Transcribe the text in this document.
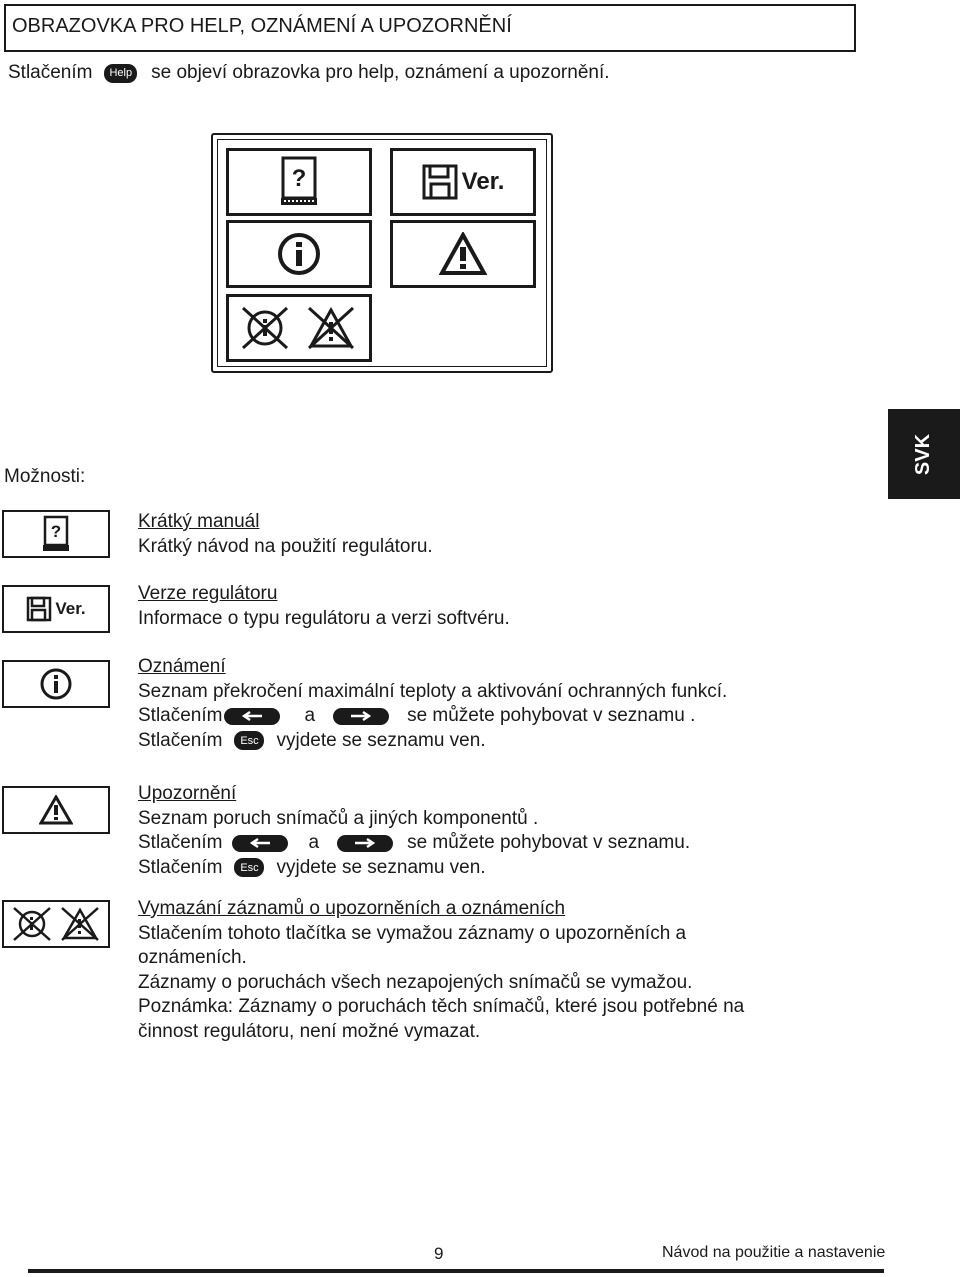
OBRAZOVKA PRO HELP, OZNÁMENÍ A UPOZORNĚNÍ
Stlačením	Help se objeví obrazovka pro help, oznámení a upozornění.
?	Ver.
SVK
Možnosti:
?
Ver.
Krátký manuál
Krátký návod na použití regulátoru.
Verze regulátoru
Informace o typu regulátoru a verzi softvéru.
Oznámení
Seznam překročení maximální teploty a aktivování ochranných funkcí.
Stlačením	a	se můžete pohybovat v seznamu .
Stlačením	Esc vyjdete se seznamu ven.
Upozornění
Seznam poruch snímačů a jiných komponentů .
Stlačením	a	se můžete pohybovat v seznamu.
Stlačením	Esc vyjdete se seznamu ven.
Vymazání záznamů o upozorněních a oznámeních
Stlačením tohoto tlačítka se vymažou záznamy o upozorněních a
oznámeních.
Záznamy o poruchách všech nezapojených snímačů se vymažou.
Poznámka: Záznamy o poruchách těch snímačů, které jsou potřebné na
činnost regulátoru, není možné vymazat.
9	Návod na použitie a nastavenie
